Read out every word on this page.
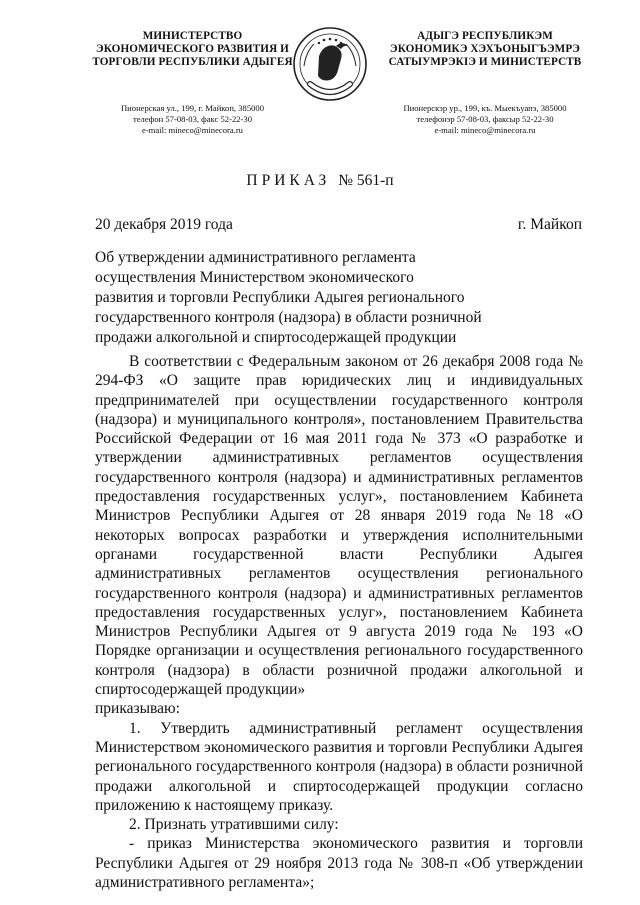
МИНИСТЕРСТВО
ЭКОНОМИЧЕСКОГО РАЗВИТИЯ И
ТОРГОВЛИ РЕСПУБЛИКИ АДЫГЕЯ
Пионерская ул., 199, г. Майкоп, 385000
телефон 57-08-03, факс 52-22-30
e-mail: mineco@minecora.ru
АДЫГЭ РЕСПУБЛИКЭМ
ЭКОНОМИКЭ ХЭХЪОНЫГЪЭМРЭ
САТЫУМРЭКIЭ И МИНИСТЕРСТВ
Пионерскэр ур., 199, къ. Мыекъуапэ, 385000
телефонэр 57-08-03, факсыр 52-22-30
e-mail: mineco@minecora.ru
ПРИКАЗ № 561-п
20 декабря 2019 года	г. Майкоп
Об утверждении административного регламента
осуществления Министерством экономического
развития и торговли Республики Адыгея регионального
государственного контроля (надзора) в области розничной
продажи алкогольной и спиртосодержащей продукции

В соответствии с Федеральным законом от 26 декабря 2008 года № 294-ФЗ «О защите прав юридических лиц и индивидуальных предпринимателей при осуществлении государственного контроля (надзора) и муниципального контроля», постановлением Правительства Российской Федерации от 16 мая 2011 года № 373 «О разработке и утверждении административных регламентов осуществления государственного контроля (надзора) и административных регламентов предоставления государственных услуг», постановлением Кабинета Министров Республики Адыгея от 28 января 2019 года №18 «О некоторых вопросах разработки и утверждения исполнительными органами государственной власти Республики Адыгея административных регламентов осуществления регионального государственного контроля (надзора) и административных регламентов предоставления государственных услуг», постановлением Кабинета Министров Республики Адыгея от 9 августа 2019 года № 193 «О Порядке организации и осуществления регионального государственного контроля (надзора) в области розничной продажи алкогольной и спиртосодержащей продукции»

приказываю:

1. Утвердить административный регламент осуществления Министерством экономического развития и торговли Республики Адыгея регионального государственного контроля (надзора) в области розничной продажи алкогольной и спиртосодержащей продукции согласно приложению к настоящему приказу.

2. Признать утратившими силу:

- приказ Министерства экономического развития и торговли Республики Адыгея от 29 ноября 2013 года № 308-п «Об утверждении административного регламента»;
